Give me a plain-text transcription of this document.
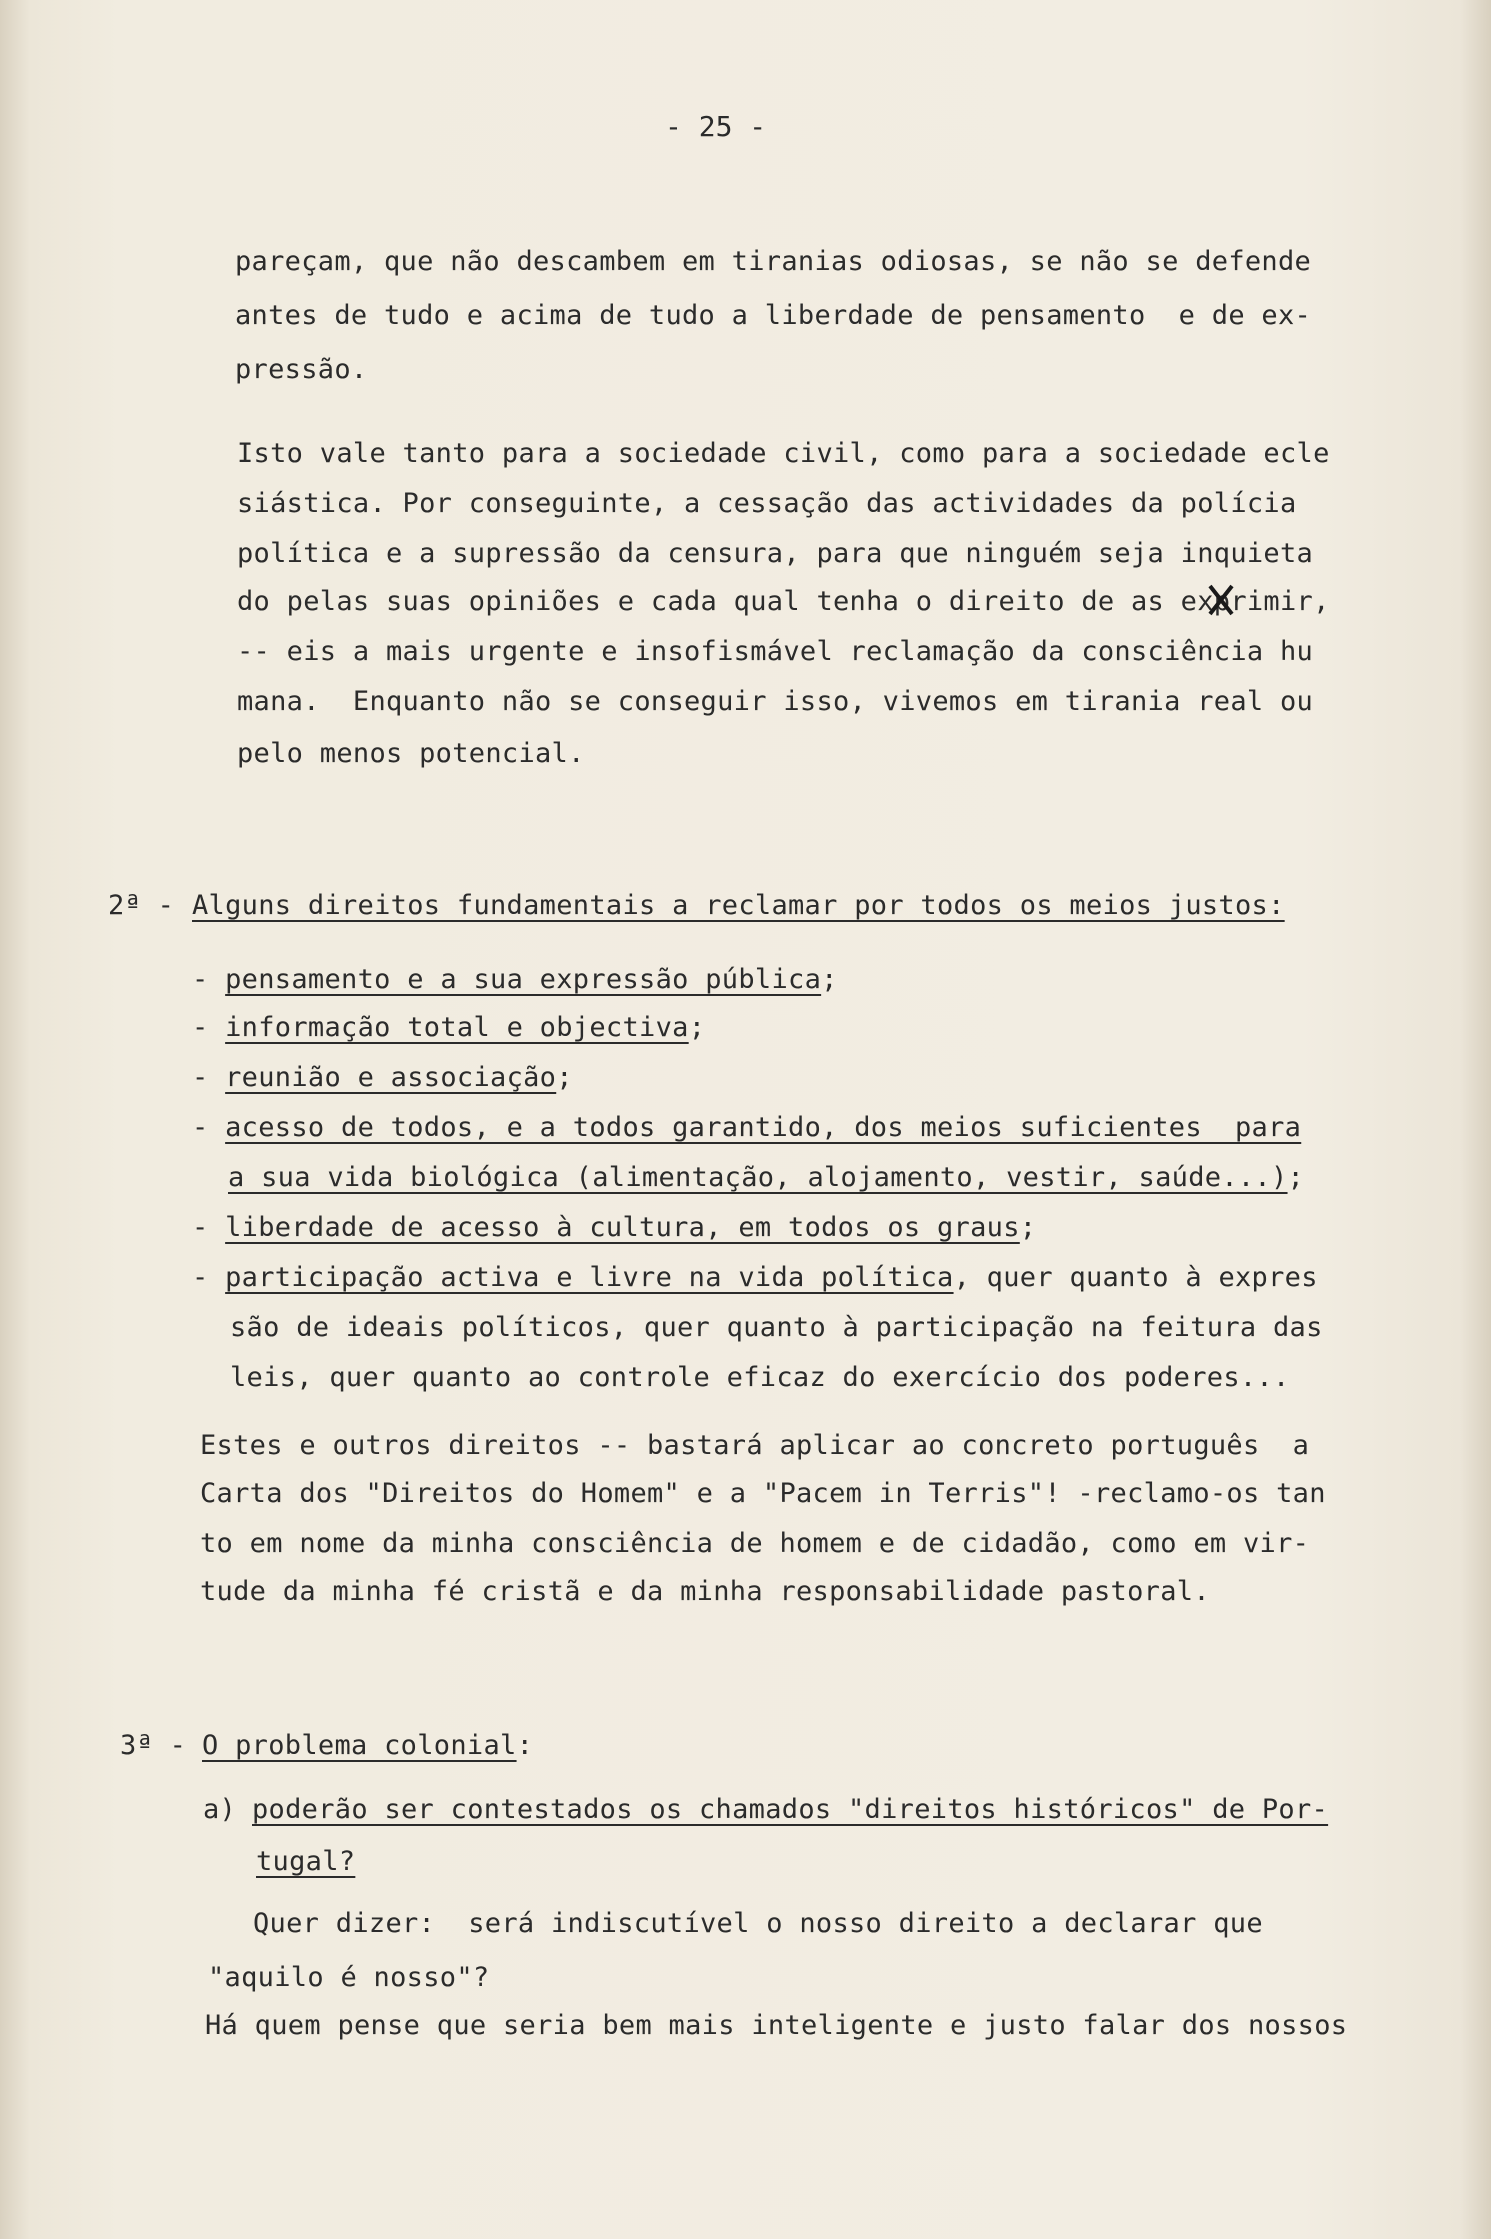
- 25 -
pareçam, que não descambem em tiranias odiosas, se não se defende
antes de tudo e acima de tudo a liberdade de pensamento  e de ex-
pressão.
Isto vale tanto para a sociedade civil, como para a sociedade ecle
siástica. Por conseguinte, a cessação das actividades da polícia
política e a supressão da censura, para que ninguém seja inquieta
do pelas suas opiniões e cada qual tenha o direito de as exprimir,
-- eis a mais urgente e insofismável reclamação da consciência hu
mana.  Enquanto não se conseguir isso, vivemos em tirania real ou
pelo menos potencial.
2ª - Alguns direitos fundamentais a reclamar por todos os meios justos:
- pensamento e a sua expressão pública;
- informação total e objectiva;
- reunião e associação;
- acesso de todos, e a todos garantido, dos meios suficientes  para
a sua vida biológica (alimentação, alojamento, vestir, saúde...);
- liberdade de acesso à cultura, em todos os graus;
- participação activa e livre na vida política, quer quanto à expres
são de ideais políticos, quer quanto à participação na feitura das
leis, quer quanto ao controle eficaz do exercício dos poderes...
Estes e outros direitos -- bastará aplicar ao concreto português  a
Carta dos "Direitos do Homem" e a "Pacem in Terris"! -reclamo-os tan
to em nome da minha consciência de homem e de cidadão, como em vir-
tude da minha fé cristã e da minha responsabilidade pastoral.
3ª - O problema colonial:
a) poderão ser contestados os chamados "direitos históricos" de Por-
tugal?
Quer dizer:  será indiscutível o nosso direito a declarar que
"aquilo é nosso"?
Há quem pense que seria bem mais inteligente e justo falar dos nossos
